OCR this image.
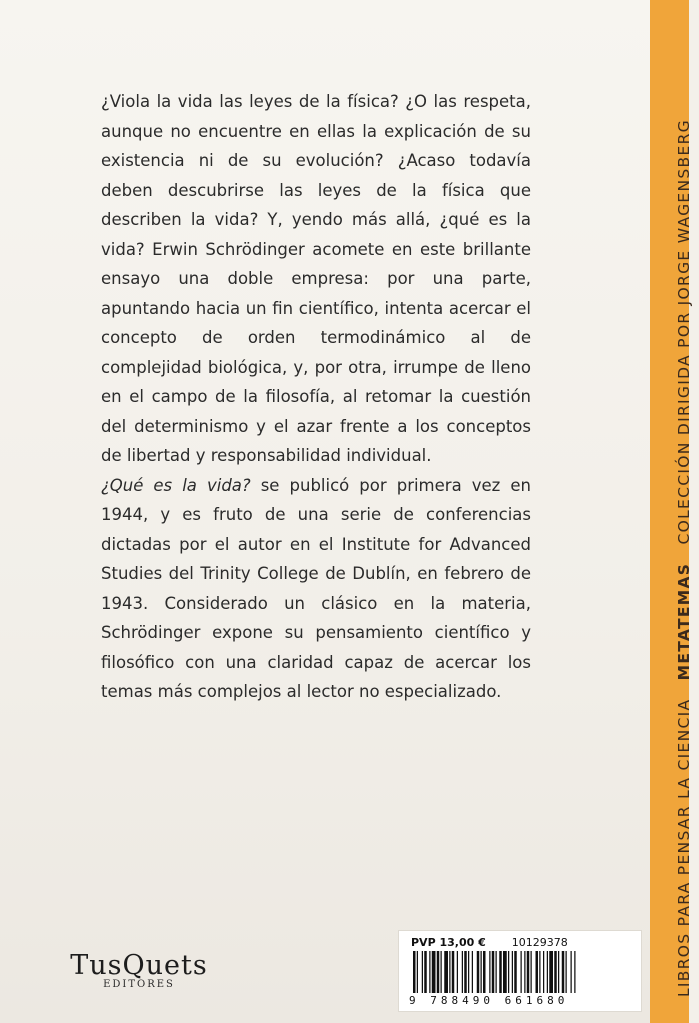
LIBROS PARA PENSAR LA CIENCIA METATEMAS COLECCIÓN DIRIGIDA POR JORGE WAGENSBERG

¿Viola la vida las leyes de la física? ¿O las respeta, aunque no encuentre en ellas la explicación de su existencia ni de su evolución? ¿Acaso todavía deben descubrirse las leyes de la física que describen la vida? Y, yendo más allá, ¿qué es la vida? Erwin Schrödinger acomete en este brillante ensayo una doble empresa: por una parte, apuntando hacia un fin científico, intenta acercar el concepto de orden termodinámico al de complejidad biológica, y, por otra, irrumpe de lleno en el campo de la filosofía, al retomar la cuestión del determinismo y el azar frente a los conceptos de libertad y responsabilidad individual.

¿Qué es la vida? se publicó por primera vez en 1944, y es fruto de una serie de conferencias dictadas por el autor en el Institute for Advanced Studies del Trinity College de Dublín, en febrero de 1943. Considerado un clásico en la materia, Schrödinger expone su pensamiento científico y filosófico con una claridad capaz de acercar los temas más complejos al lector no especializado.

TusQuets
EDITORES
PVP 13,00 € 10129378
9 788490 661680
